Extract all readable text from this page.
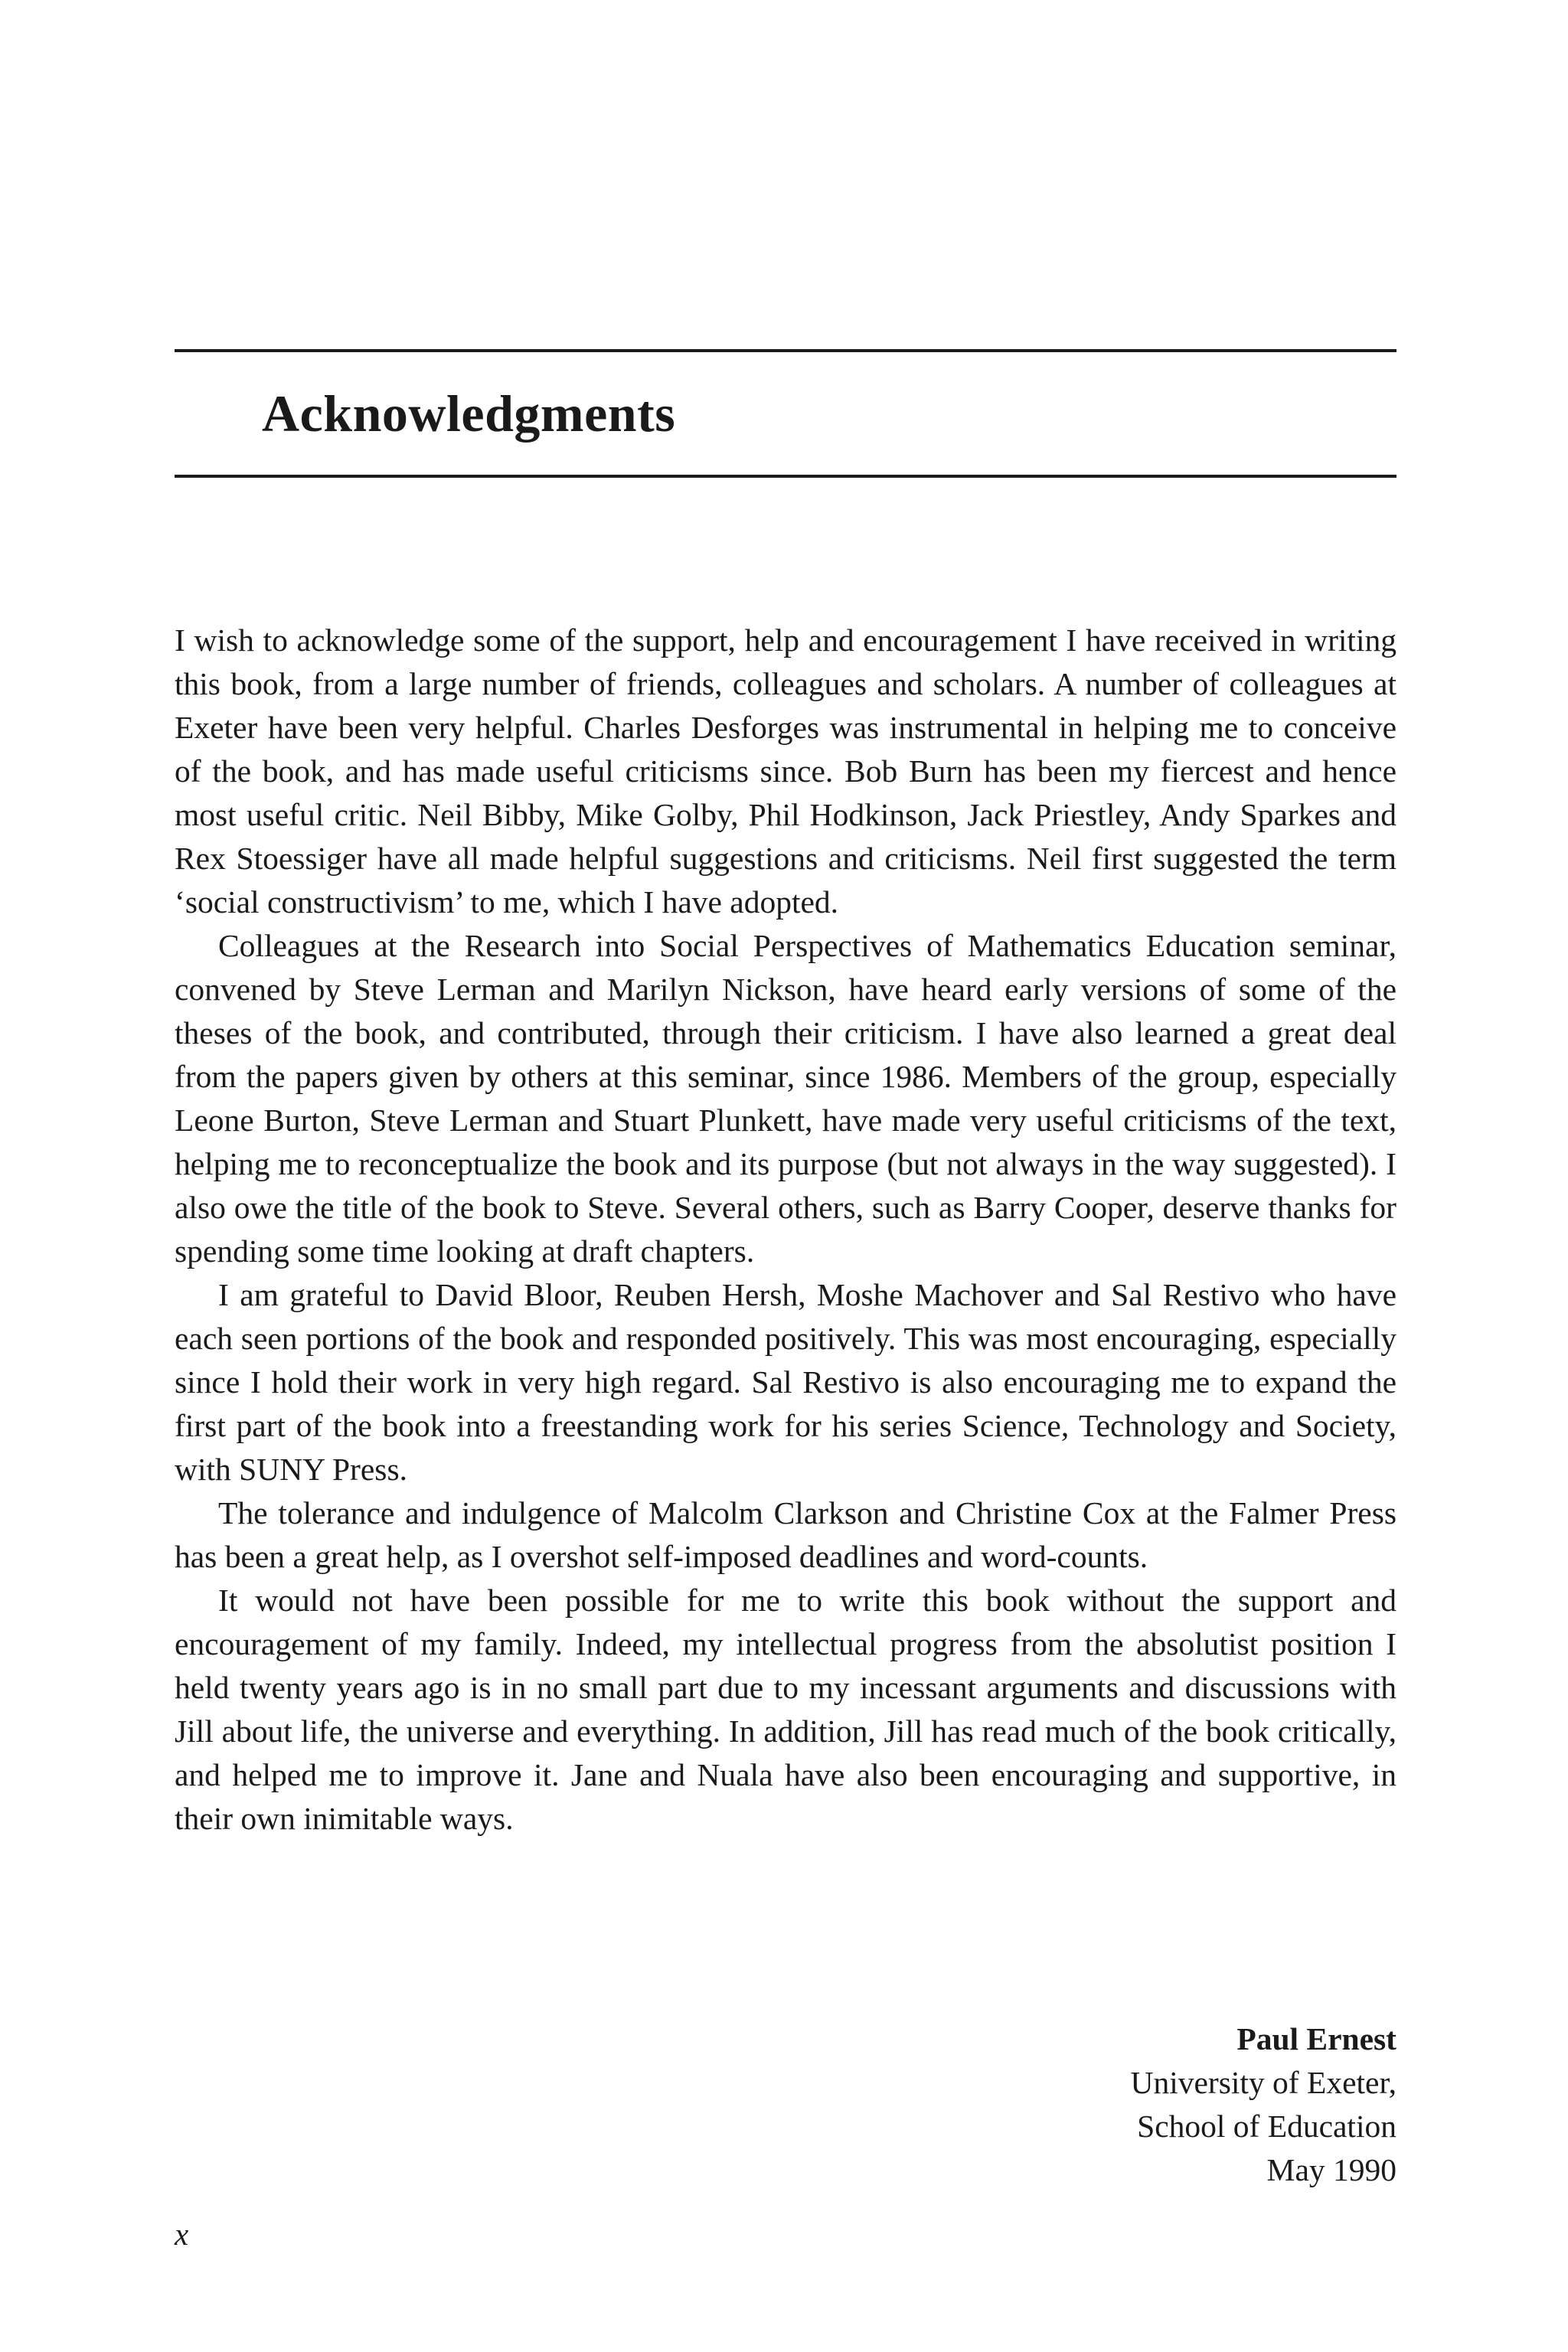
Acknowledgments

I wish to acknowledge some of the support, help and encouragement I have received in writing this book, from a large number of friends, colleagues and scholars. A number of colleagues at Exeter have been very helpful. Charles Desforges was instrumental in helping me to conceive of the book, and has made useful criticisms since. Bob Burn has been my fiercest and hence most useful critic. Neil Bibby, Mike Golby, Phil Hodkinson, Jack Priestley, Andy Sparkes and Rex Stoessiger have all made helpful suggestions and criticisms. Neil first suggested the term ‘social constructivism’ to me, which I have adopted.

Colleagues at the Research into Social Perspectives of Mathematics Education seminar, convened by Steve Lerman and Marilyn Nickson, have heard early versions of some of the theses of the book, and contributed, through their criticism. I have also learned a great deal from the papers given by others at this seminar, since 1986. Members of the group, especially Leone Burton, Steve Lerman and Stuart Plunkett, have made very useful criticisms of the text, helping me to reconceptualize the book and its purpose (but not always in the way suggested). I also owe the title of the book to Steve. Several others, such as Barry Cooper, deserve thanks for spending some time looking at draft chapters.

I am grateful to David Bloor, Reuben Hersh, Moshe Machover and Sal Restivo who have each seen portions of the book and responded positively. This was most encouraging, especially since I hold their work in very high regard. Sal Restivo is also encouraging me to expand the first part of the book into a freestanding work for his series Science, Technology and Society, with SUNY Press.

The tolerance and indulgence of Malcolm Clarkson and Christine Cox at the Falmer Press has been a great help, as I overshot self-imposed deadlines and word-counts.

It would not have been possible for me to write this book without the support and encouragement of my family. Indeed, my intellectual progress from the absolutist position I held twenty years ago is in no small part due to my incessant arguments and discussions with Jill about life, the universe and everything. In addition, Jill has read much of the book critically, and helped me to improve it. Jane and Nuala have also been encouraging and supportive, in their own inimitable ways.

Paul Ernest
University of Exeter,
School of Education
May 1990
x
